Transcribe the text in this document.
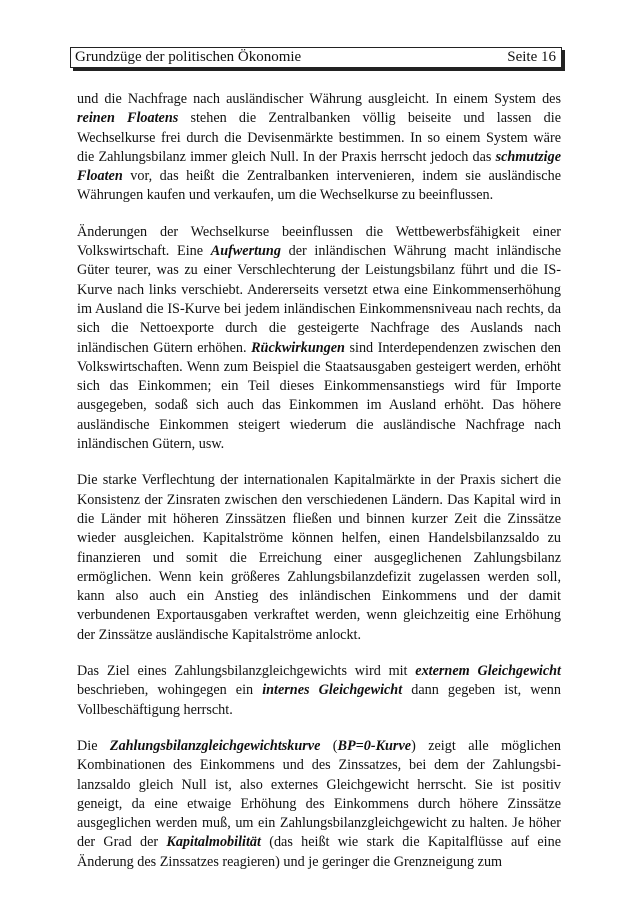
Grundzüge der politischen Ökonomie	Seite 16

und die Nachfrage nach ausländischer Währung ausgleicht. In einem System des reinen Floatens stehen die Zentralbanken völlig beiseite und lassen die Wechselkurse frei durch die Devisenmärkte bestimmen. In so einem System wäre die Zahlungsbilanz immer gleich Null. In der Praxis herrscht jedoch das schmutzige Floaten vor, das heißt die Zentralbanken intervenieren, indem sie ausländische Währungen kaufen und verkaufen, um die Wechselkurse zu beeinflussen.

Änderungen der Wechselkurse beeinflussen die Wettbewerbsfähigkeit einer Volkswirtschaft. Eine Aufwertung der inländischen Währung macht inländische Güter teurer, was zu einer Verschlechterung der Leistungsbilanz führt und die IS-Kurve nach links verschiebt. Andererseits versetzt etwa eine Einkommenserhöhung im Ausland die IS-Kurve bei jedem inländischen Einkommensniveau nach rechts, da sich die Nettoexporte durch die gesteigerte Nachfrage des Auslands nach inländischen Gütern erhöhen. Rückwirkungen sind Interdependenzen zwischen den Volkswirtschaften. Wenn zum Beispiel die Staatsausgaben gesteigert werden, erhöht sich das Einkommen; ein Teil dieses Einkommensanstiegs wird für Importe ausgegeben, sodaß sich auch das Einkommen im Ausland erhöht. Das höhere ausländische Einkommen steigert wiederum die ausländische Nachfrage nach inländischen Gütern, usw.

Die starke Verflechtung der internationalen Kapitalmärkte in der Praxis sichert die Konsistenz der Zinsraten zwischen den verschiedenen Ländern. Das Kapital wird in die Länder mit höheren Zinssätzen fließen und binnen kurzer Zeit die Zinssätze wieder ausgleichen. Kapitalströme können helfen, einen Handelsbilanzsaldo zu finanzieren und somit die Erreichung einer ausgeglichenen Zahlungsbilanz ermöglichen. Wenn kein größeres Zahlungsbilanzdefizit zugelassen werden soll, kann also auch ein Anstieg des inländischen Einkommens und der damit verbundenen Exportausgaben verkraftet werden, wenn gleichzeitig eine Erhöhung der Zinssätze ausländische Kapitalströme anlockt.

Das Ziel eines Zahlungsbilanzgleichgewichts wird mit externem Gleichgewicht beschrieben, wohingegen ein internes Gleichgewicht dann gegeben ist, wenn Vollbeschäftigung herrscht.

Die Zahlungsbilanzgleichgewichtskurve (BP=0-Kurve) zeigt alle möglichen Kombinationen des Einkommens und des Zinssatzes, bei dem der Zahlungsbilanzsaldo gleich Null ist, also externes Gleichgewicht herrscht. Sie ist positiv geneigt, da eine etwaige Erhöhung des Einkommens durch höhere Zinssätze ausgeglichen werden muß, um ein Zahlungsbilanzgleichgewicht zu halten. Je höher der Grad der Kapitalmobilität (das heißt wie stark die Kapitalflüsse auf eine Änderung des Zinssatzes reagieren) und je geringer die Grenzneigung zum
